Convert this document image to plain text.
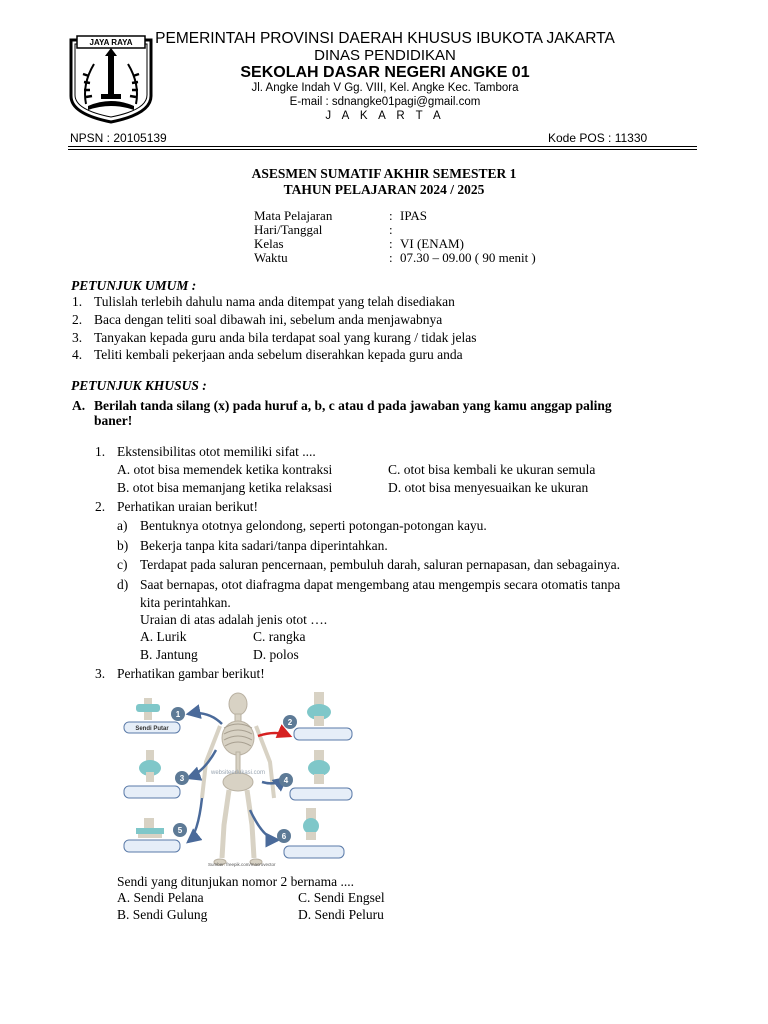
JAYA RAYA	PEMERINTAH PROVINSI DAERAH KHUSUS IBUKOTA JAKARTA
DINAS PENDIDIKAN
SEKOLAH DASAR NEGERI ANGKE 01
Jl. Angke Indah V Gg. VIII, Kel. Angke Kec. Tambora
E-mail : sdnangke01pagi@gmail.com
J A K A R T A
NPSN : 20105139	Kode POS : 11330
ASESMEN SUMATIF AKHIR SEMESTER 1
TAHUN PELAJARAN 2024 / 2025
Mata Pelajaran	: IPAS
Hari/Tanggal	:
Kelas	: VI (ENAM)
Waktu	: 07.30 – 09.00 ( 90 menit )
PETUNJUK UMUM :
1. Tulislah terlebih dahulu nama anda ditempat yang telah disediakan
2. Baca dengan teliti soal dibawah ini, sebelum anda menjawabnya
3. Tanyakan kepada guru anda bila terdapat soal yang kurang / tidak jelas
4. Teliti kembali pekerjaan anda sebelum diserahkan kepada guru anda
PETUNJUK KHUSUS :
A. Berilah tanda silang (x) pada huruf a, b, c atau d pada jawaban yang kamu anggap paling
baner!
1. Ekstensibilitas otot memiliki sifat ....
A. otot bisa memendek ketika kontraksi	C. otot bisa kembali ke ukuran semula
B. otot bisa memanjang ketika relaksasi	D. otot bisa menyesuaikan ke ukuran
2. Perhatikan uraian berikut!
a) Bentuknya ototnya gelondong, seperti potongan-potongan kayu.
b) Bekerja tanpa kita sadari/tanpa diperintahkan.
c) Terdapat pada saluran pencernaan, pembuluh darah, saluran pernapasan, dan sebagainya.
d) Saat bernapas, otot diafragma dapat mengembang atau mengempis secara otomatis tanpa
kita perintahkan.
Uraian di atas adalah jenis otot ….
A. Lurik	C. rangka
B. Jantung	D. polos
3. Perhatikan gambar berikut!
websiteedukasi.com
Sendi Putar
1
3
5
2
4
6
Sumber: freepik.com/macrovector
Sendi yang ditunjukan nomor 2 bernama ....
A. Sendi Pelana	C. Sendi Engsel
B. Sendi Gulung	D. Sendi Peluru
